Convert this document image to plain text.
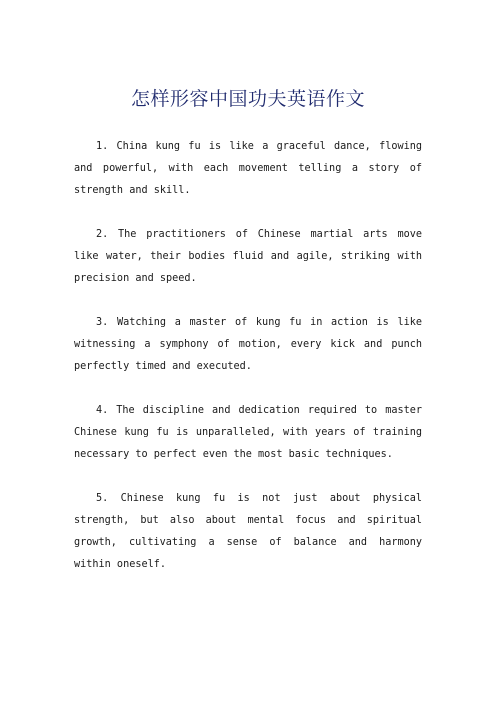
怎样形容中国功夫英语作文

1. China kung fu is like a graceful dance, flowing and powerful, with each movement telling a story of strength and skill.

2. The practitioners of Chinese martial arts move like water, their bodies fluid and agile, striking with precision and speed.

3. Watching a master of kung fu in action is like witnessing a symphony of motion, every kick and punch perfectly timed and executed.

4. The discipline and dedication required to master Chinese kung fu is unparalleled, with years of training necessary to perfect even the most basic techniques.

5. Chinese kung fu is not just about physical strength, but also about mental focus and spiritual growth, cultivating a sense of balance and harmony within oneself.
